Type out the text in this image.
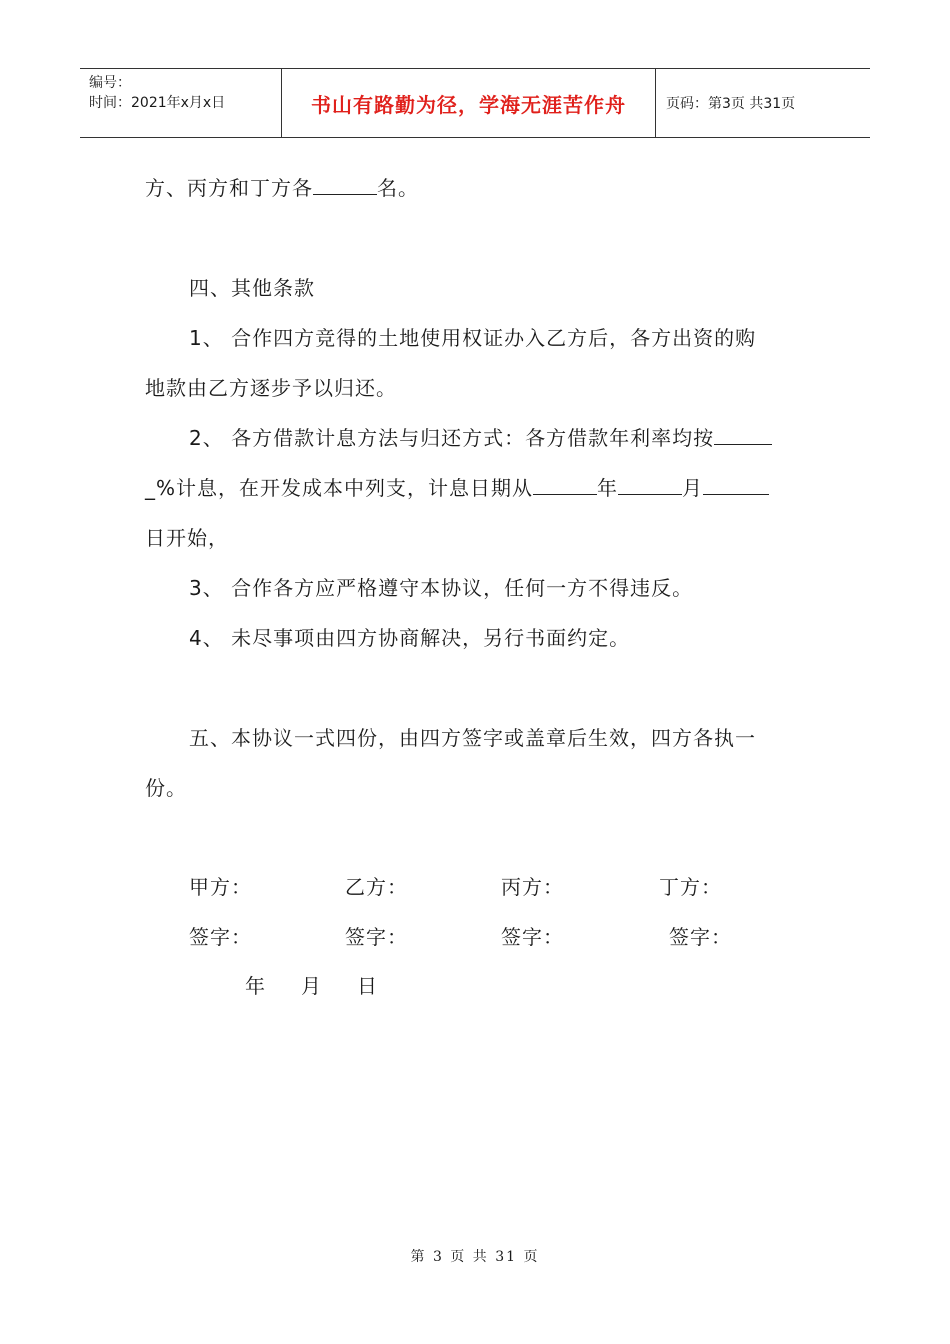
编号：
时间：2021年x月x日	书山有路勤为径，学海无涯苦作舟	页码：第3页 共31页
方、丙方和丁方各	名。
四、其他条款
1、 合作四方竞得的土地使用权证办入乙方后，各方出资的购
地款由乙方逐步予以归还。
2、 各方借款计息方法与归还方式：各方借款年利率均按
_%计息，在开发成本中列支，计息日期从	年	月
日开始，
3、 合作各方应严格遵守本协议，任何一方不得违反。
4、 未尽事项由四方协商解决，另行书面约定。
五、本协议一式四份，由四方签字或盖章后生效，四方各执一
份。
甲方：	乙方：	丙方：	丁方：
签字：	签字：	签字：	签字：
年 月 日
第 3 页 共 31 页
